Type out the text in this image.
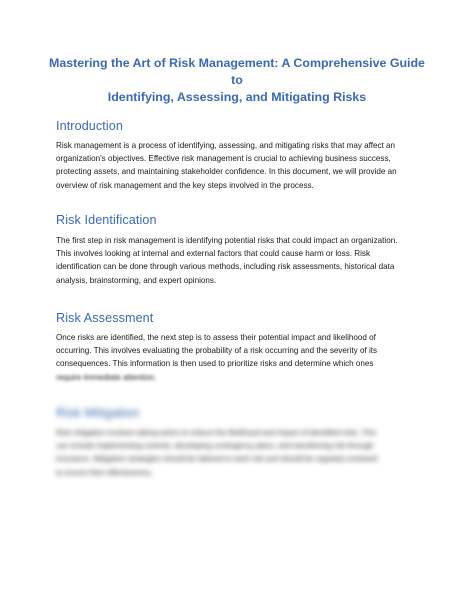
Mastering the Art of Risk Management: A Comprehensive Guide to
Identifying, Assessing, and Mitigating Risks
Introduction
Risk management is a process of identifying, assessing, and mitigating risks that may affect an
organization's objectives. Effective risk management is crucial to achieving business success,
protecting assets, and maintaining stakeholder confidence. In this document, we will provide an
overview of risk management and the key steps involved in the process.
Risk Identification
The first step in risk management is identifying potential risks that could impact an organization.
This involves looking at internal and external factors that could cause harm or loss. Risk
identification can be done through various methods, including risk assessments, historical data
analysis, brainstorming, and expert opinions.
Risk Assessment
Once risks are identified, the next step is to assess their potential impact and likelihood of
occurring. This involves evaluating the probability of a risk occurring and the severity of its
consequences. This information is then used to prioritize risks and determine which ones
require immediate attention.
Risk Mitigation
Risk mitigation involves taking action to reduce the likelihood and impact of identified risks. This
can include implementing controls, developing contingency plans, and transferring risk through
insurance. Mitigation strategies should be tailored to each risk and should be regularly reviewed
to ensure their effectiveness.
